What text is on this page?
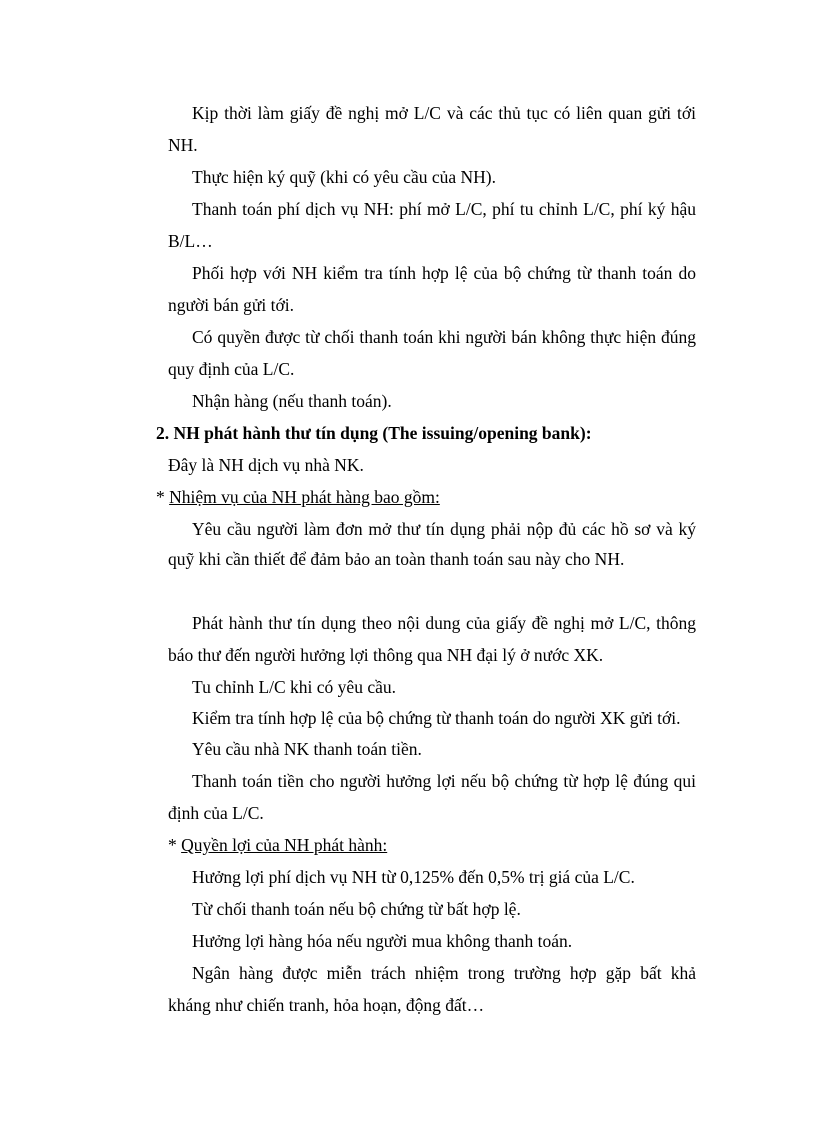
Kịp thời làm giấy đề nghị mở L/C và các thủ tục có liên quan gửi tới
NH.
Thực hiện ký quỹ (khi có yêu cầu của NH).
Thanh toán phí dịch vụ NH: phí mở L/C, phí tu chỉnh L/C, phí ký hậu
B/L…
Phối hợp với NH kiểm tra tính hợp lệ của bộ chứng từ thanh toán do
người bán gửi tới.
Có quyền được từ chối thanh toán khi người bán không thực hiện đúng
quy định của L/C.
Nhận hàng (nếu thanh toán).
2. NH phát hành thư tín dụng (The issuing/opening bank):
Đây là NH dịch vụ nhà NK.
* Nhiệm vụ của NH phát hàng bao gồm:
Yêu cầu người làm đơn mở thư tín dụng phải nộp đủ các hồ sơ và ký
quỹ khi cần thiết để đảm bảo an toàn thanh toán sau này cho NH.
Phát hành thư tín dụng theo nội dung của giấy đề nghị mở L/C, thông
báo thư đến người hưởng lợi thông qua NH đại lý ở nước XK.
Tu chỉnh L/C khi có yêu cầu.
Kiểm tra tính hợp lệ của bộ chứng từ thanh toán do người XK gửi tới.
Yêu cầu nhà NK thanh toán tiền.
Thanh toán tiền cho người hưởng lợi nếu bộ chứng từ hợp lệ đúng qui
định của L/C.
* Quyền lợi của NH phát hành:
Hưởng lợi phí dịch vụ NH từ 0,125% đến 0,5% trị giá của L/C.
Từ chối thanh toán nếu bộ chứng từ bất hợp lệ.
Hưởng lợi hàng hóa nếu người mua không thanh toán.
Ngân hàng được miễn trách nhiệm trong trường hợp gặp bất khả
kháng như chiến tranh, hỏa hoạn, động đất…
